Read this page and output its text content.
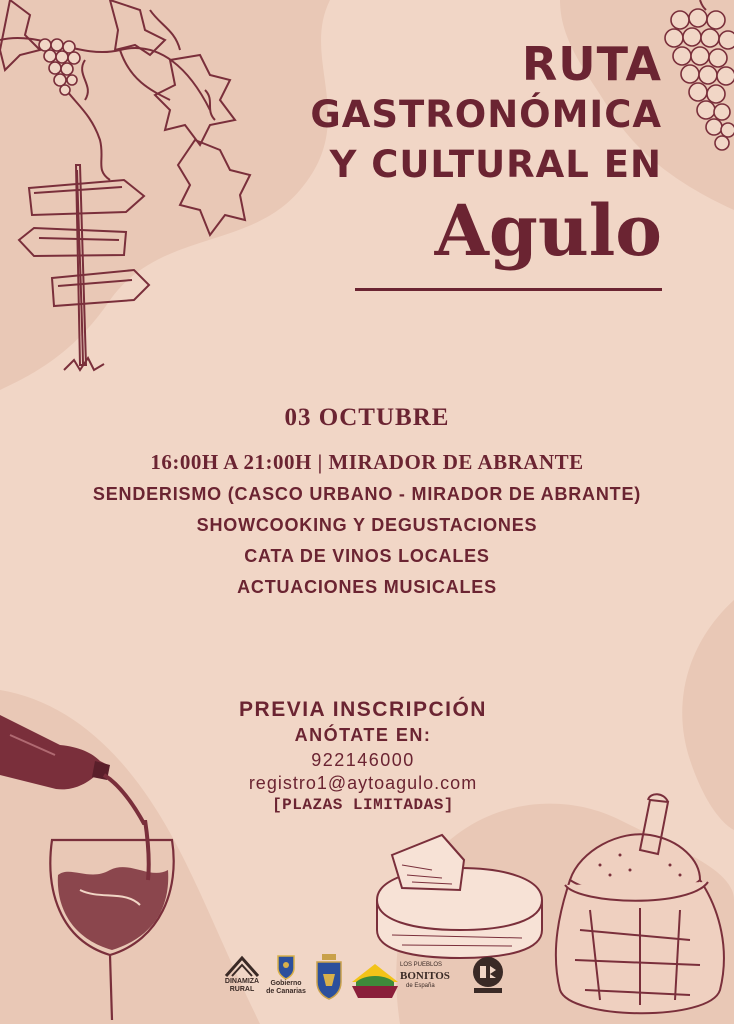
RUTA
GASTRONÓMICA
Y CULTURAL EN
Agulo
03 OCTUBRE
16:00H A 21:00H | MIRADOR DE ABRANTE
SENDERISMO (CASCO URBANO - MIRADOR DE ABRANTE)
SHOWCOOKING Y DEGUSTACIONES
CATA DE VINOS LOCALES
ACTUACIONES MUSICALES
PREVIA INSCRIPCIÓN
ANÓTATE EN:
922146000
registro1@aytoagulo.com
[PLAZAS LIMITADAS]
DINAMIZA
RURAL
Gobierno
de Canarias
LOS PUEBLOS
BONITOS
de España
